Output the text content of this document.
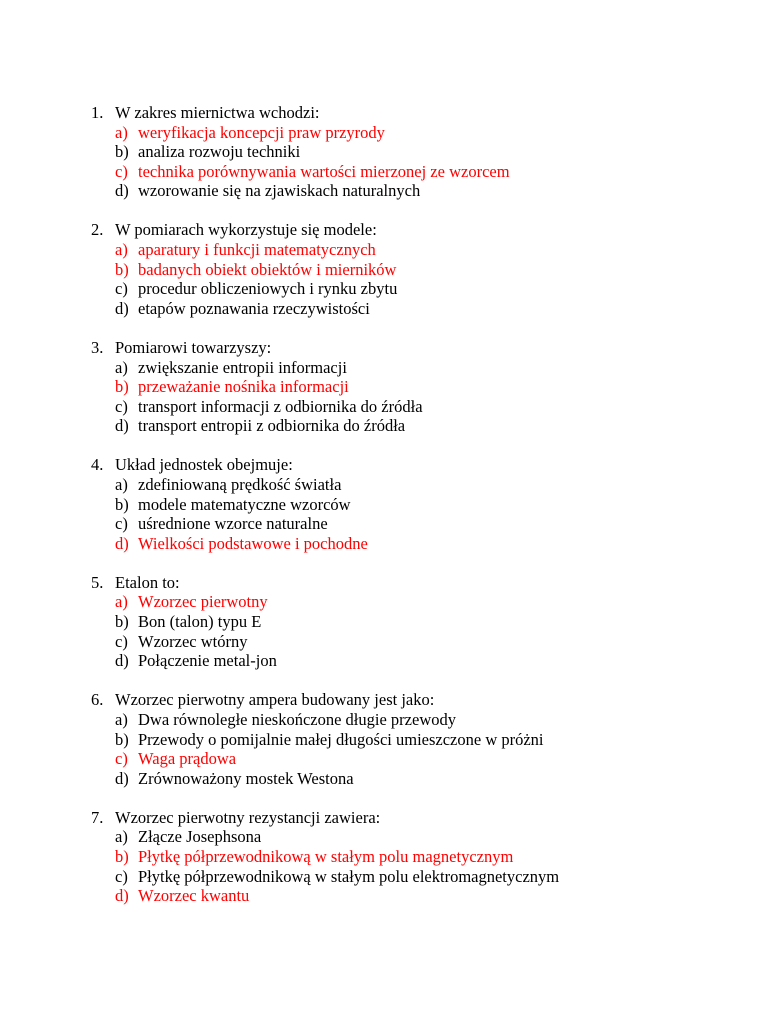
1. W zakres miernictwa wchodzi:
a) weryfikacja koncepcji praw przyrody
b) analiza rozwoju techniki
c) technika porównywania wartości mierzonej ze wzorcem
d) wzorowanie się na zjawiskach naturalnych
2. W pomiarach wykorzystuje się modele:
a) aparatury i funkcji matematycznych
b) badanych obiekt obiektów i mierników
c) procedur obliczeniowych i rynku zbytu
d) etapów poznawania rzeczywistości
3. Pomiarowi towarzyszy:
a) zwiększanie entropii informacji
b) przeważanie nośnika informacji
c) transport informacji z odbiornika do źródła
d) transport entropii z odbiornika do źródła
4. Układ jednostek obejmuje:
a) zdefiniowaną prędkość światła
b) modele matematyczne wzorców
c) uśrednione wzorce naturalne
d) Wielkości podstawowe i pochodne
5. Etalon to:
a) Wzorzec pierwotny
b) Bon (talon) typu E
c) Wzorzec wtórny
d) Połączenie metal-jon
6. Wzorzec pierwotny ampera budowany jest jako:
a) Dwa równoległe nieskończone długie przewody
b) Przewody o pomijalnie małej długości umieszczone w próżni
c) Waga prądowa
d) Zrównoważony mostek Westona
7. Wzorzec pierwotny rezystancji zawiera:
a) Złącze Josephsona
b) Płytkę półprzewodnikową w stałym polu magnetycznym
c) Płytkę półprzewodnikową w stałym polu elektromagnetycznym
d) Wzorzec kwantu
